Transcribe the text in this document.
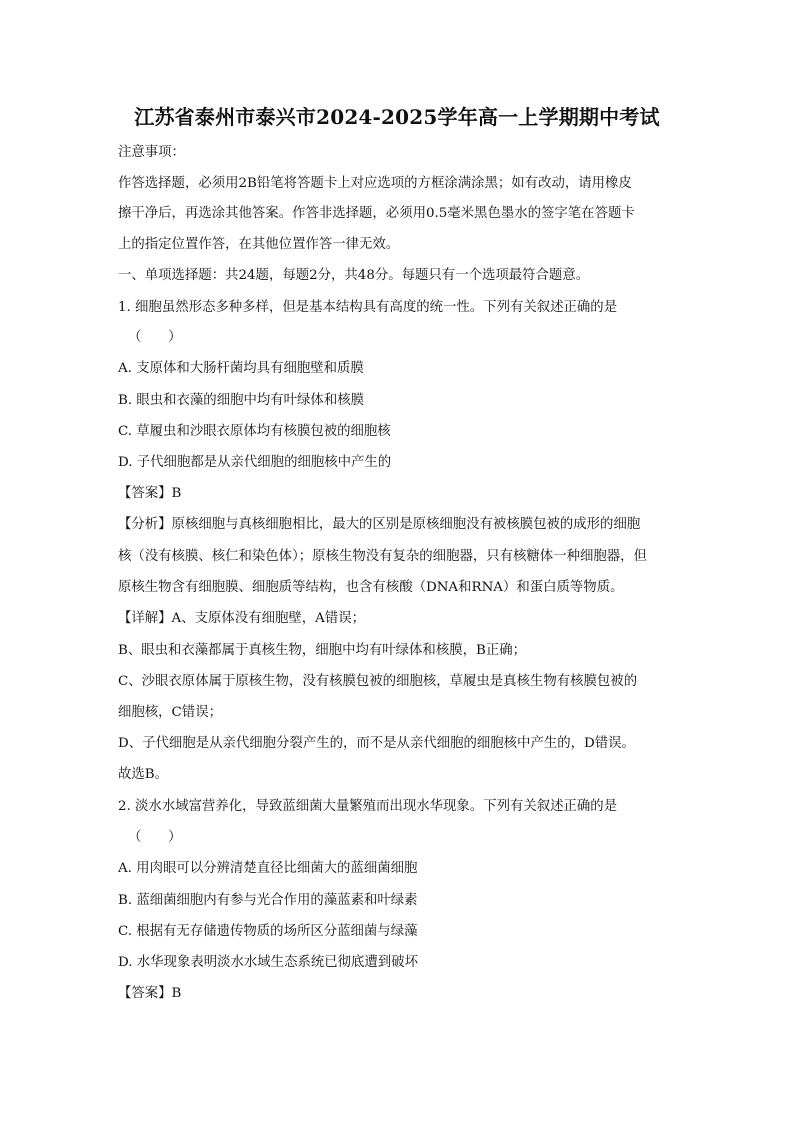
江苏省泰州市泰兴市2024-2025学年高一上学期期中考试
注意事项：
作答选择题，必须用2B铅笔将答题卡上对应选项的方框涂满涂黑；如有改动，请用橡皮
擦干净后，再选涂其他答案。作答非选择题，必须用0.5毫米黑色墨水的签字笔在答题卡
上的指定位置作答，在其他位置作答一律无效。
一、单项选择题：共24题，每题2分，共48分。每题只有一个选项最符合题意。
1. 细胞虽然形态多种多样，但是基本结构具有高度的统一性。下列有关叙述正确的是
（　　）
A. 支原体和大肠杆菌均具有细胞壁和质膜
B. 眼虫和衣藻的细胞中均有叶绿体和核膜
C. 草履虫和沙眼衣原体均有核膜包被的细胞核
D. 子代细胞都是从亲代细胞的细胞核中产生的
【答案】B
【分析】原核细胞与真核细胞相比，最大的区别是原核细胞没有被核膜包被的成形的细胞
核（没有核膜、核仁和染色体）；原核生物没有复杂的细胞器，只有核糖体一种细胞器，但
原核生物含有细胞膜、细胞质等结构，也含有核酸（DNA和RNA）和蛋白质等物质。
【详解】A、支原体没有细胞壁，A错误；
B、眼虫和衣藻都属于真核生物，细胞中均有叶绿体和核膜，B正确；
C、沙眼衣原体属于原核生物，没有核膜包被的细胞核，草履虫是真核生物有核膜包被的
细胞核，C错误；
D、子代细胞是从亲代细胞分裂产生的，而不是从亲代细胞的细胞核中产生的，D错误。
故选B。
2. 淡水水域富营养化，导致蓝细菌大量繁殖而出现水华现象。下列有关叙述正确的是
（　　）
A. 用肉眼可以分辨清楚直径比细菌大的蓝细菌细胞
B. 蓝细菌细胞内有参与光合作用的藻蓝素和叶绿素
C. 根据有无存储遗传物质的场所区分蓝细菌与绿藻
D. 水华现象表明淡水水域生态系统已彻底遭到破坏
【答案】B
